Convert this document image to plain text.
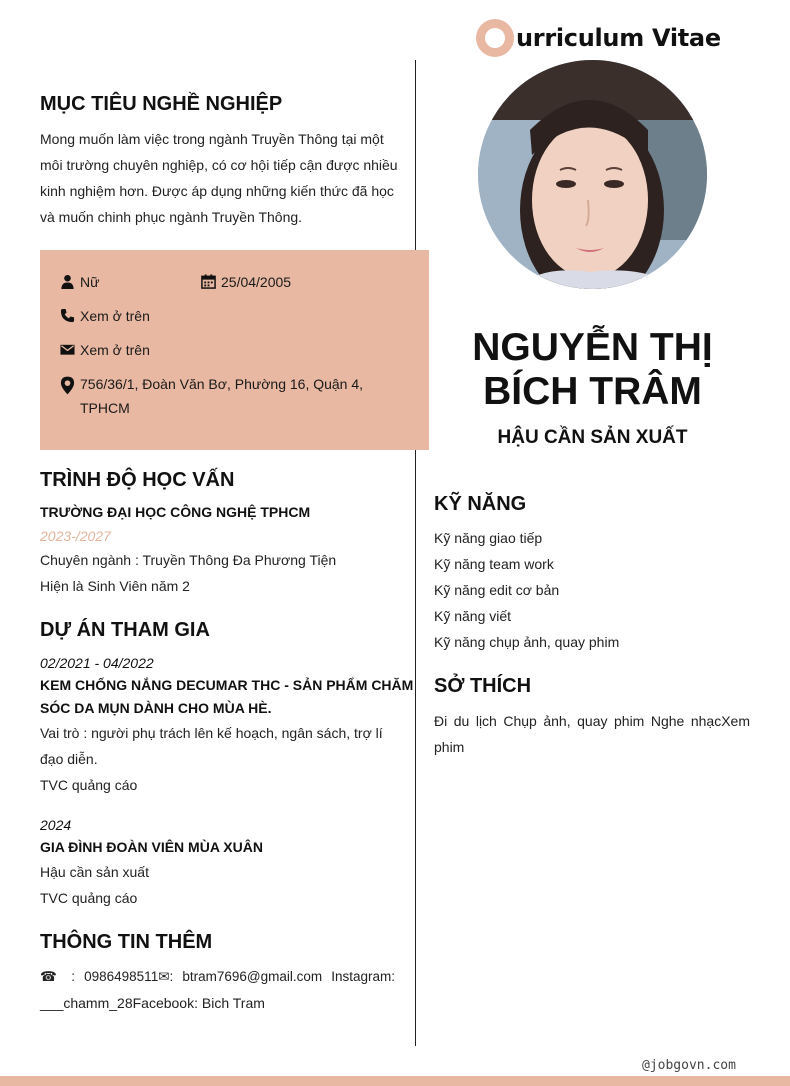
urriculum Vitae
NGUYỄN THỊ
BÍCH TRÂM
HẬU CẦN SẢN XUẤT
MỤC TIÊU NGHỀ NGHIỆP
Mong muốn làm việc trong ngành Truyền Thông tại một
môi trường chuyên nghiệp, có cơ hội tiếp cận được nhiều
kinh nghiệm hơn. Được áp dụng những kiến thức đã học
và muốn chinh phục ngành Truyền Thông.
Nữ	25/04/2005
Xem ở trên
Xem ở trên
756/36/1, Đoàn Văn Bơ, Phường 16, Quận 4,
TPHCM
TRÌNH ĐỘ HỌC VẤN
TRƯỜNG ĐẠI HỌC CÔNG NGHỆ TPHCM
2023-/2027
Chuyên ngành : Truyền Thông Đa Phương Tiện
Hiện là Sinh Viên năm 2
DỰ ÁN THAM GIA
02/2021 - 04/2022
KEM CHỐNG NẮNG DECUMAR THC - SẢN PHẨM CHĂM
SÓC DA MỤN DÀNH CHO MÙA HÈ.
Vai trò : người phụ trách lên kế hoạch, ngân sách, trợ lí
đạo diễn.
TVC quảng cáo
2024
GIA ĐÌNH ĐOÀN VIÊN MÙA XUÂN
Hậu cần sản xuất
TVC quảng cáo
THÔNG TIN THÊM
☎ : 0986498511✉: btram7696@gmail.com Instagram:
___chamm_28Facebook: Bich Tram
KỸ NĂNG
Kỹ năng giao tiếp
Kỹ năng team work
Kỹ năng edit cơ bản
Kỹ năng viết
Kỹ năng chụp ảnh, quay phim
SỞ THÍCH
Đi du lịch Chụp ảnh, quay phim Nghe nhạcXem
phim
@jobgovn.com
